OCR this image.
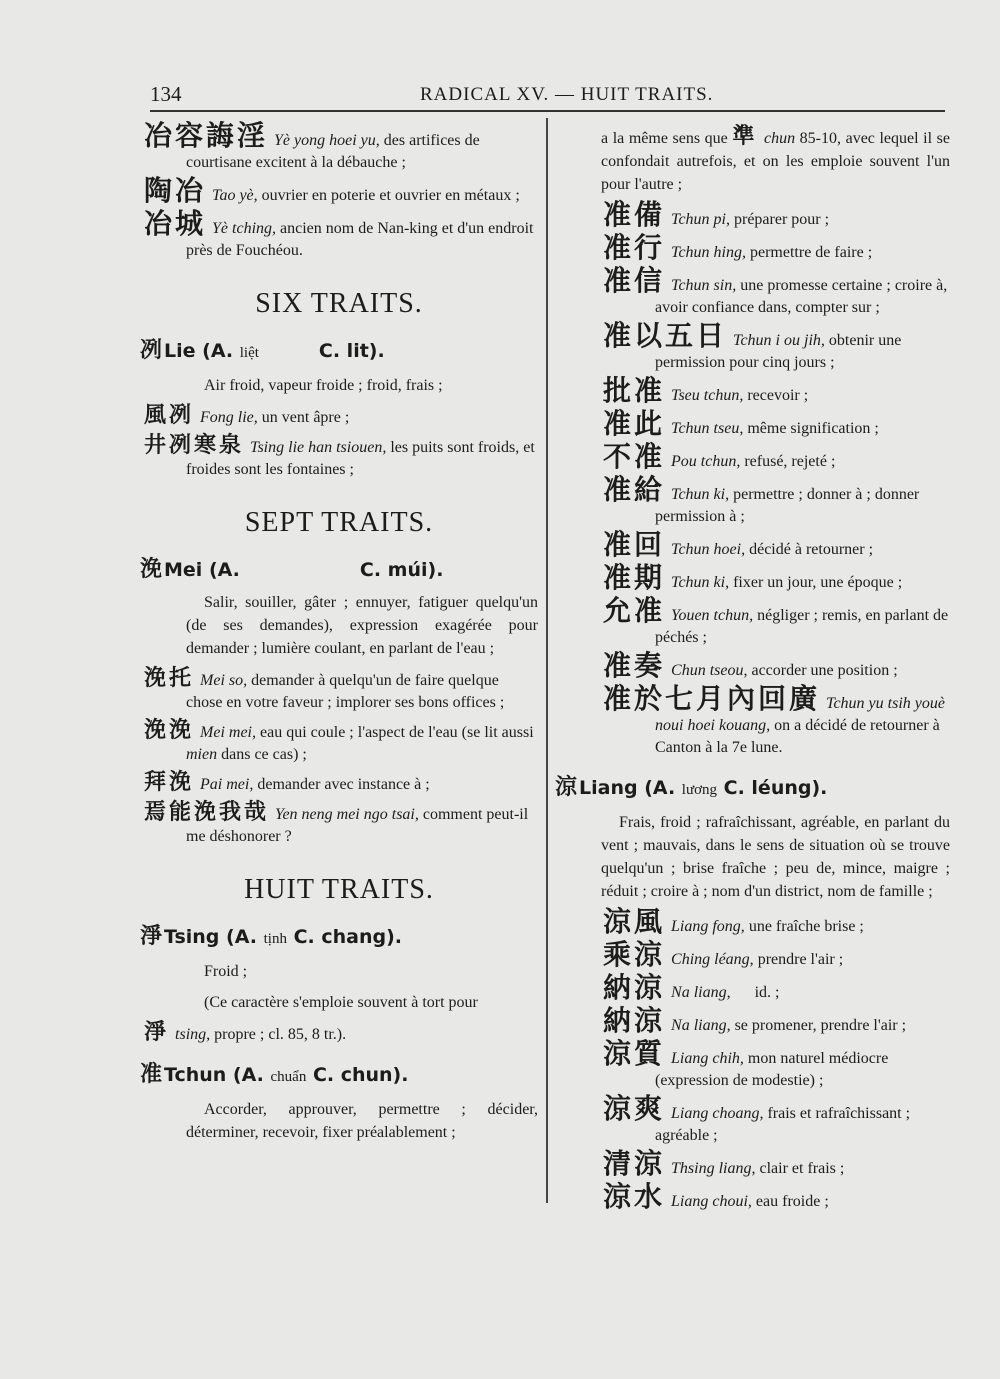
134	RADICAL XV. — HUIT TRAITS.
冶容誨淫 Yè yong hoei yu, des artifices de courtisane excitent à la débauche ;
陶冶 Tao yè, ouvrier en poterie et ouvrier en métaux ;
冶城 Yè tching, ancien nom de Nan-king et d'un endroit près de Fouchéou.
SIX TRAITS.
冽 Lie (A. liệt	C. lit).
Air froid, vapeur froide ; froid, frais ;
風冽 Fong lie, un vent âpre ;
井冽寒泉 Tsing lie han tsiouen, les puits sont froids, et froides sont les fontaines ;
SEPT TRAITS.
浼 Mei (A.	C. múi).
Salir, souiller, gâter ; ennuyer, fatiguer quelqu'un (de ses demandes), expression exagérée pour demander ; lumière coulant, en parlant de l'eau ;
浼托 Mei so, demander à quelqu'un de faire quelque chose en votre faveur ; implorer ses bons offices ;
浼浼 Mei mei, eau qui coule ; l'aspect de l'eau (se lit aussi mien dans ce cas) ;
拜浼 Pai mei, demander avec instance à ;
焉能浼我哉 Yen neng mei ngo tsai, comment peut-il me déshonorer ?
HUIT TRAITS.
淨 Tsing (A. tịnh C. chang).
Froid ;
(Ce caractère s'emploie souvent à tort pour
淨 tsing, propre ; cl. 85, 8 tr.).
准 Tchun (A. chuẩn C. chun).
Accorder, approuver, permettre ; décider, déterminer, recevoir, fixer préalablement ;
a la même sens que 準 chun 85-10, avec lequel il se confondait autrefois, et on les emploie souvent l'un pour l'autre ;
准備 Tchun pi, préparer pour ;
准行 Tchun hing, permettre de faire ;
准信 Tchun sin, une promesse certaine ; croire à, avoir confiance dans, compter sur ;
准以五日 Tchun i ou jih, obtenir une permission pour cinq jours ;
批准 Tseu tchun, recevoir ;
准此 Tchun tseu, même signification ;
不准 Pou tchun, refusé, rejeté ;
准給 Tchun ki, permettre ; donner à ; donner permission à ;
准回 Tchun hoei, décidé à retourner ;
准期 Tchun ki, fixer un jour, une époque ;
允准 Youen tchun, négliger ; remis, en parlant de péchés ;
准奏 Chun tseou, accorder une position ;
准於七月內回廣 Tchun yu tsih youè noui hoei kouang, on a décidé de retourner à Canton à la 7e lune.
涼 Liang (A. lương C. léung).
Frais, froid ; rafraîchissant, agréable, en parlant du vent ; mauvais, dans le sens de situation où se trouve quelqu'un ; brise fraîche ; peu de, mince, maigre ; réduit ; croire à ; nom d'un district, nom de famille ;
涼風 Liang fong, une fraîche brise ;
乘涼 Ching léang, prendre l'air ;
納涼 Na liang,      id. ;
納涼 Na liang, se promener, prendre l'air ;
涼質 Liang chih, mon naturel médiocre (expression de modestie) ;
涼爽 Liang choang, frais et rafraîchissant ; agréable ;
清涼 Thsing liang, clair et frais ;
涼水 Liang choui, eau froide ;
